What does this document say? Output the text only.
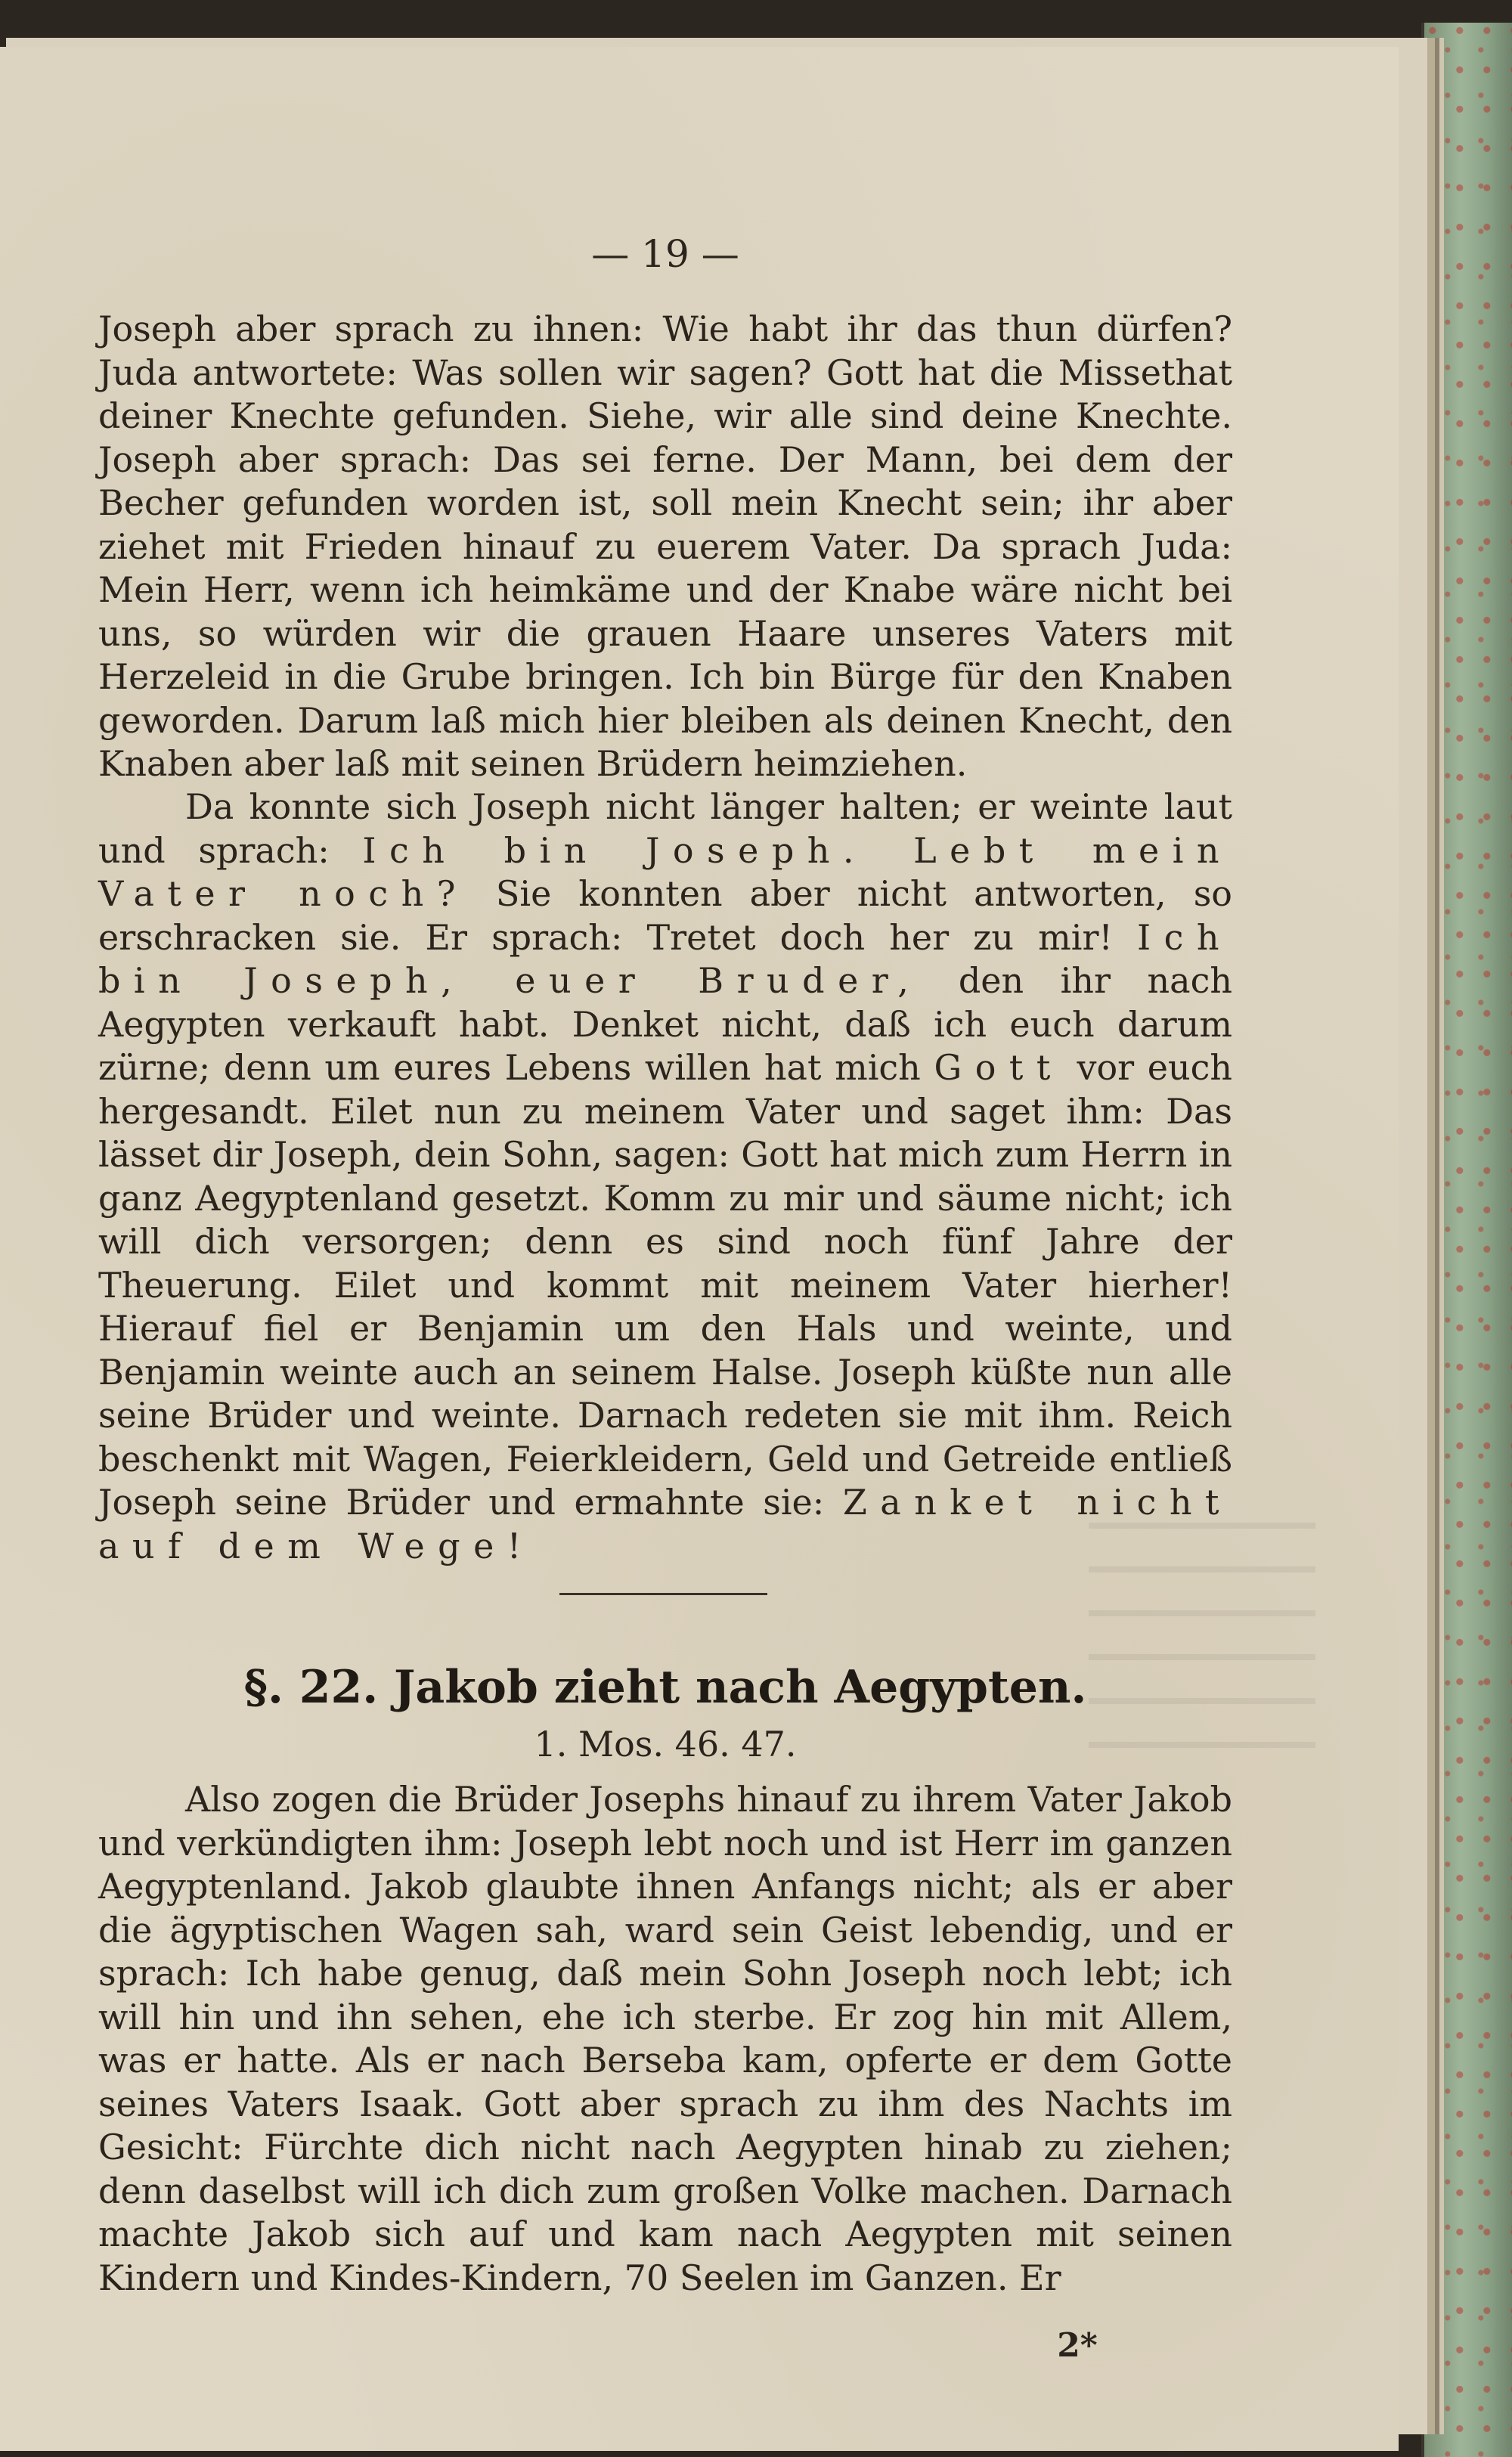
— 19 —

Joseph aber sprach zu ihnen: Wie habt ihr das thun dürfen? Juda antwortete: Was sollen wir sagen? Gott hat die Missethat deiner Knechte gefunden. Siehe, wir alle sind deine Knechte. Joseph aber sprach: Das sei ferne. Der Mann, bei dem der Becher gefunden worden ist, soll mein Knecht sein; ihr aber ziehet mit Frieden hinauf zu euerem Vater. Da sprach Juda: Mein Herr, wenn ich heimkäme und der Knabe wäre nicht bei uns, so würden wir die grauen Haare unseres Vaters mit Herzeleid in die Grube bringen. Ich bin Bürge für den Knaben geworden. Darum laß mich hier bleiben als deinen Knecht, den Knaben aber laß mit seinen Brüdern heimziehen.

Da konnte sich Joseph nicht länger halten; er weinte laut und sprach: Ich bin Joseph. Lebt mein Vater noch? Sie konnten aber nicht antworten, so erschracken sie. Er sprach: Tretet doch her zu mir! Ich bin Joseph, euer Bruder, den ihr nach Aegypten verkauft habt. Denket nicht, daß ich euch darum zürne; denn um eures Lebens willen hat mich Gott vor euch hergesandt. Eilet nun zu meinem Vater und saget ihm: Das lässet dir Joseph, dein Sohn, sagen: Gott hat mich zum Herrn in ganz Aegyptenland gesetzt. Komm zu mir und säume nicht; ich will dich versorgen; denn es sind noch fünf Jahre der Theuerung. Eilet und kommt mit meinem Vater hierher! Hierauf fiel er Benjamin um den Hals und weinte, und Benjamin weinte auch an seinem Halse. Joseph küßte nun alle seine Brüder und weinte. Darnach redeten sie mit ihm. Reich beschenkt mit Wagen, Feierkleidern, Geld und Getreide entließ Joseph seine Brüder und ermahnte sie: Zanket nicht auf dem Wege!

§. 22. Jakob zieht nach Aegypten.
1. Mos. 46. 47.

Also zogen die Brüder Josephs hinauf zu ihrem Vater Jakob und verkündigten ihm: Joseph lebt noch und ist Herr im ganzen Aegyptenland. Jakob glaubte ihnen Anfangs nicht; als er aber die ägyptischen Wagen sah, ward sein Geist lebendig, und er sprach: Ich habe genug, daß mein Sohn Joseph noch lebt; ich will hin und ihn sehen, ehe ich sterbe. Er zog hin mit Allem, was er hatte. Als er nach Berseba kam, opferte er dem Gotte seines Vaters Isaak. Gott aber sprach zu ihm des Nachts im Gesicht: Fürchte dich nicht nach Aegypten hinab zu ziehen; denn daselbst will ich dich zum großen Volke machen. Darnach machte Jakob sich auf und kam nach Aegypten mit seinen Kindern und Kindes-Kindern, 70 Seelen im Ganzen. Er

2*
